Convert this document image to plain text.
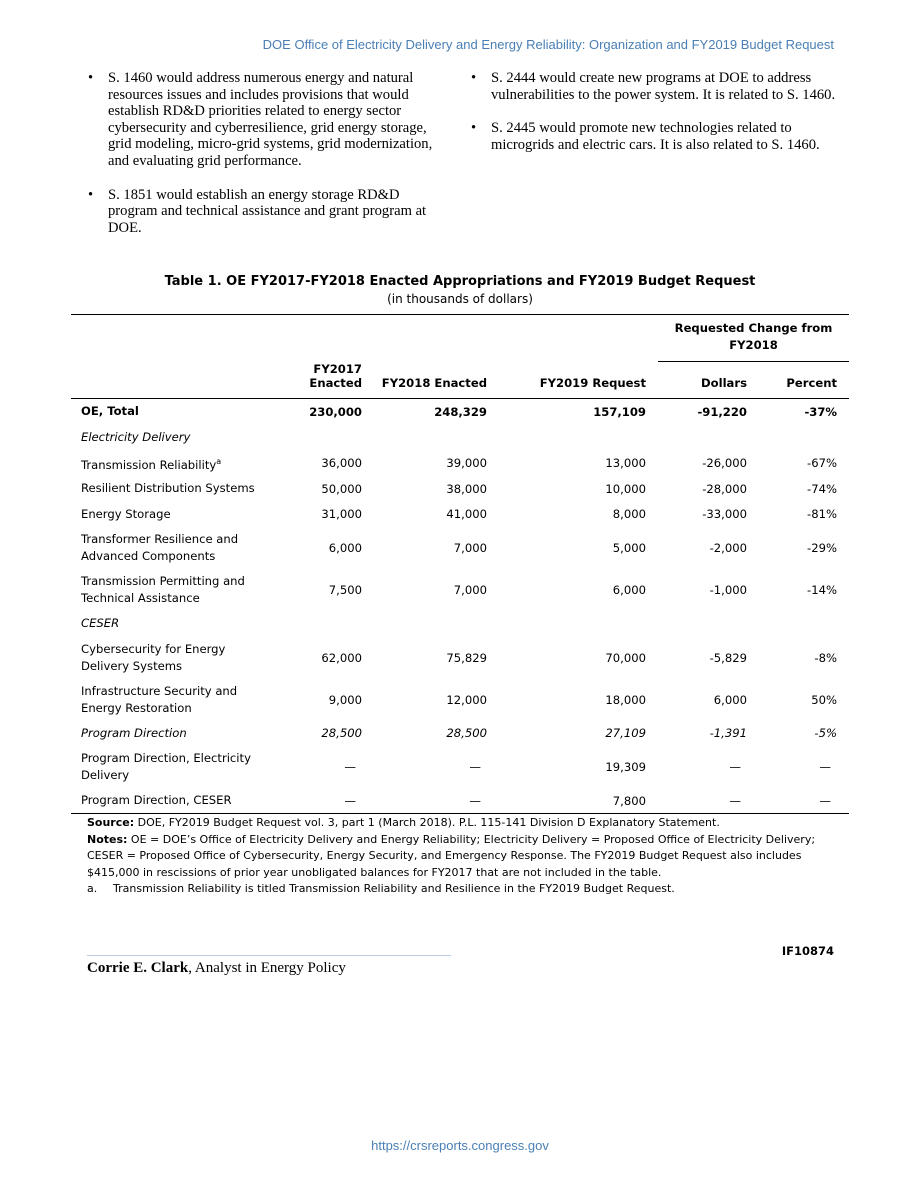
DOE Office of Electricity Delivery and Energy Reliability: Organization and FY2019 Budget Request
• S. 1460 would address numerous energy and natural resources issues and includes provisions that would establish RD&D priorities related to energy sector cybersecurity and cyberresilience, grid energy storage, grid modeling, micro-grid systems, grid modernization, and evaluating grid performance.
• S. 1851 would establish an energy storage RD&D program and technical assistance and grant program at DOE.
• S. 2444 would create new programs at DOE to address vulnerabilities to the power system. It is related to S. 1460.
• S. 2445 would promote new technologies related to microgrids and electric cars. It is also related to S. 1460.
Table 1. OE FY2017-FY2018 Enacted Appropriations and FY2019 Budget Request
(in thousands of dollars)
				Requested Change from FY2018	
	FY2017 Enacted	FY2018 Enacted	FY2019 Request	Dollars	Percent
OE, Total	230,000	248,329	157,109	-91,220	-37%
Electricity Delivery					
Transmission Reliability$^a$	36,000	39,000	13,000	-26,000	-67%
Resilient Distribution Systems	50,000	38,000	10,000	-28,000	-74%
Energy Storage	31,000	41,000	8,000	-33,000	-81%
Transformer Resilience and
Advanced Components	6,000	7,000	5,000	-2,000	-29%
Transmission Permitting and
Technical Assistance	7,500	7,000	6,000	-1,000	-14%
CESER					
Cybersecurity for Energy
Delivery Systems	62,000	75,829	70,000	-5,829	-8%
Infrastructure Security and
Energy Restoration	9,000	12,000	18,000	6,000	50%
Program Direction	28,500	28,500	27,109	-1,391	-5%
Program Direction, Electricity
Delivery	—	—	19,309	—	—
Program Direction, CESER	—	—	7,800	—	—

Source: DOE, FY2019 Budget Request vol. 3, part 1 (March 2018). P.L. 115-141 Division D Explanatory Statement.

Notes: OE = DOE’s Office of Electricity Delivery and Energy Reliability; Electricity Delivery = Proposed Office of Electricity Delivery; CESER = Proposed Office of Cybersecurity, Energy Security, and Emergency Response. The FY2019 Budget Request also includes $415,000 in rescissions of prior year unobligated balances for FY2017 that are not included in the table.

a. Transmission Reliability is titled Transmission Reliability and Resilience in the FY2019 Budget Request.

IF10874
Corrie E. Clark, Analyst in Energy Policy
https://crsreports.congress.gov
